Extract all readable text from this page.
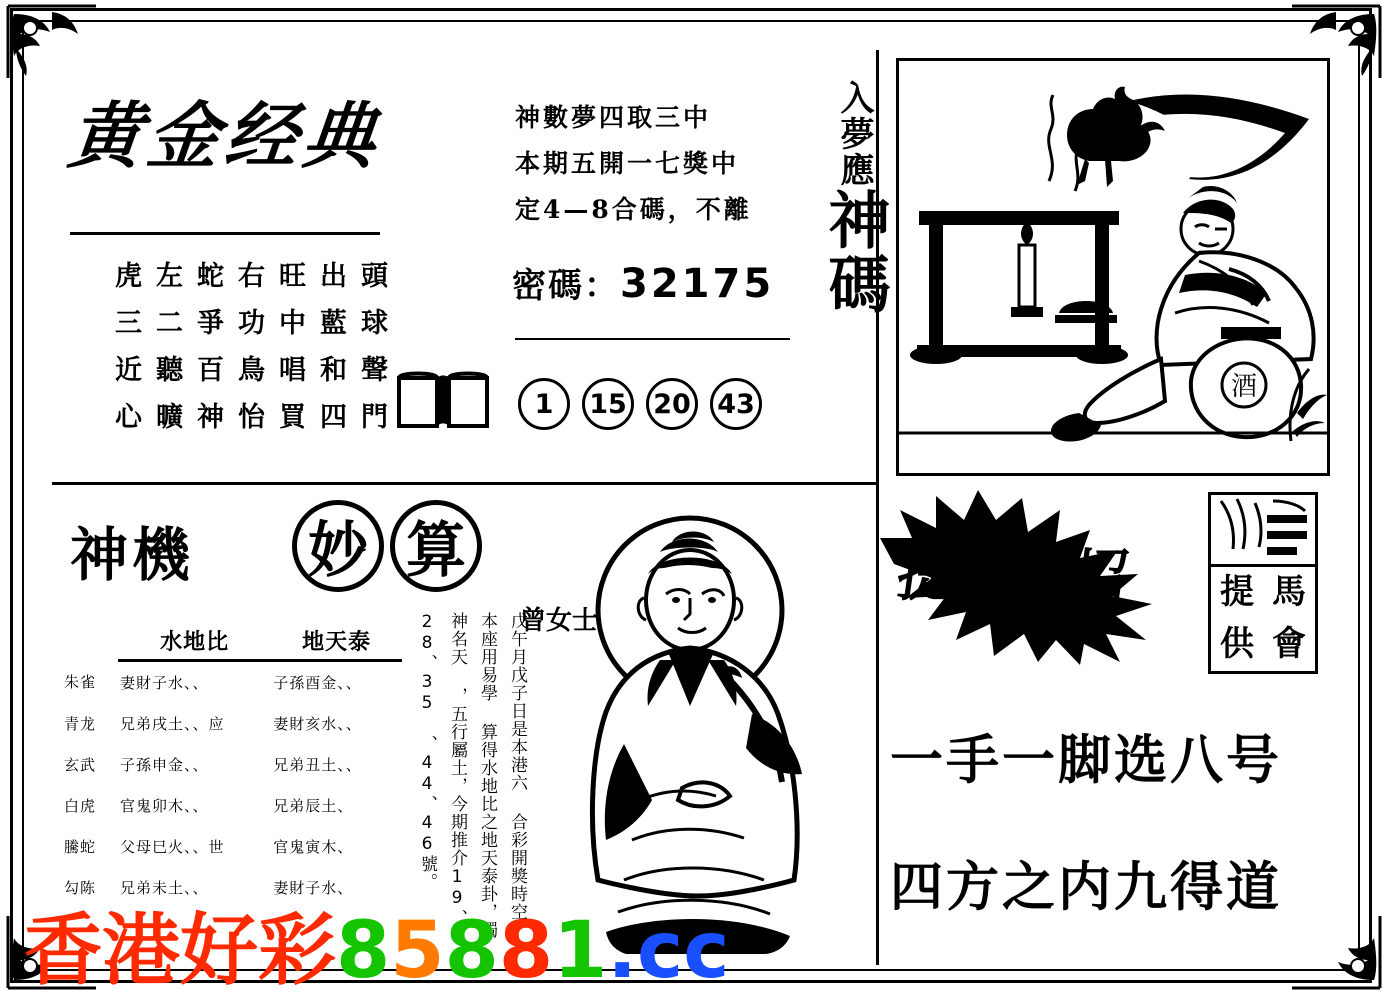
黄金经典
虎	左	蛇	右	旺	出	頭
三	二	爭	功	中	藍	球
近	聽	百	鳥	唱	和	聲
心	曠	神	怡	買	四	門
神數夢四取三中
本期五開一七獎中
定4—8合碼，不離
密碼：32175
1	15 20 43
入夢應神碼
酒
神機 妙 算
曾女士
	水地比	地天泰
朱雀	妻財子水、、	子孫酉金、、
青龙	兄弟戌土、、应	妻財亥水、、
玄武	子孫申金、、	兄弟丑土、、
白虎	官鬼卯木、、	兄弟辰土、
騰蛇	父母巳火、、世	官鬼寅木、
勾陈	兄弟未土、、	妻財子水、
戊午月戊子日是本港六 合彩開獎時空，本座用易學 算得水地比之地天泰卦，獨神名天 ，五行屬土，今期推介19、28、35 、44、46號。
提碼新招	提 馬
供 會
一手一脚选八号
四方之内九得道
香港好彩85881.cc
